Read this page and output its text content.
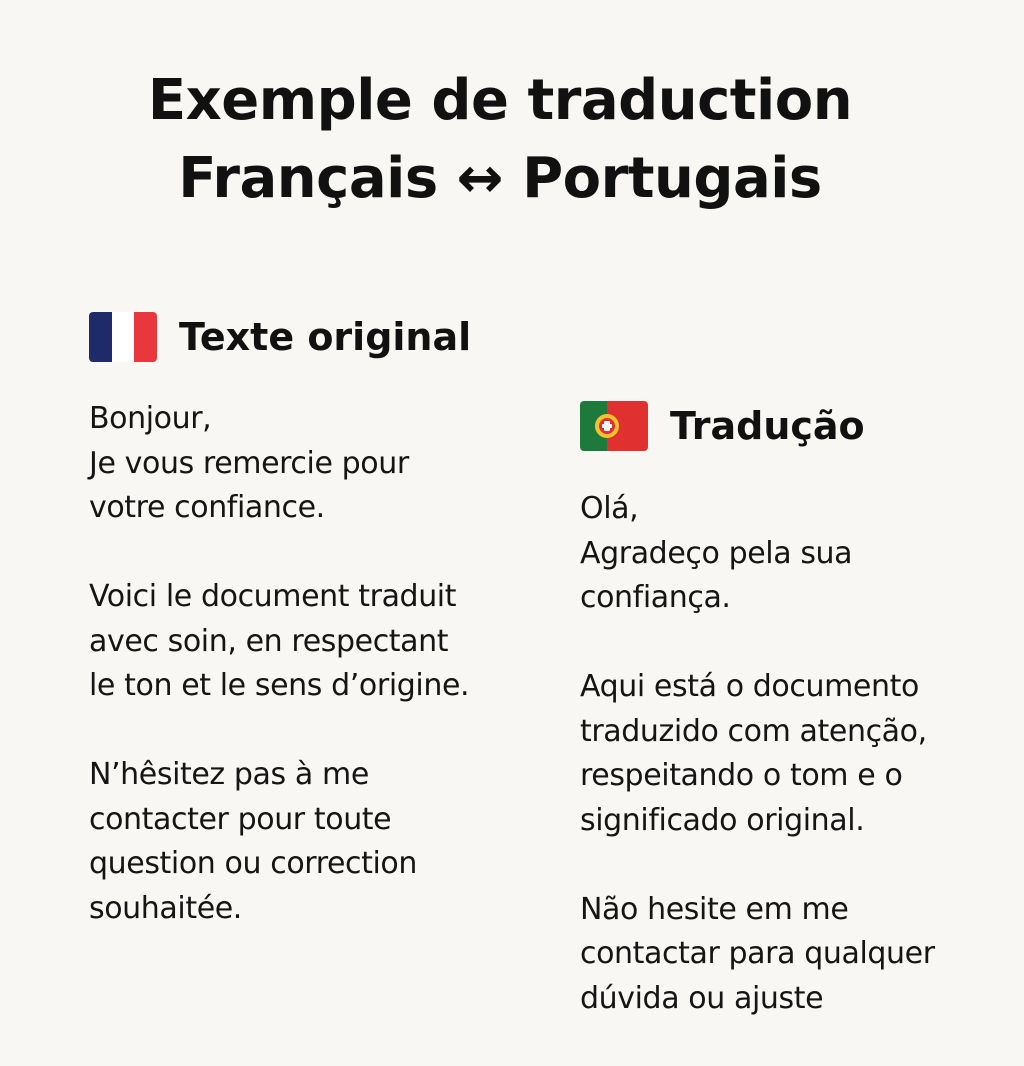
Exemple de traduction
Français ↔ Portugais
Texte original

Bonjour,
Je vous remercie pour
votre confiance.

Voici le document traduit
avec soin, en respectant
le ton et le sens d’origine.

N’hêsitez pas à me
contacter pour toute
question ou correction
souhaitée.

Tradução

Olá,
Agradeço pela sua
confiança.

Aqui está o documento
traduzido com atenção,
respeitando o tom e o
significado original.

Não hesite em me
contactar para qualquer
dúvida ou ajuste
